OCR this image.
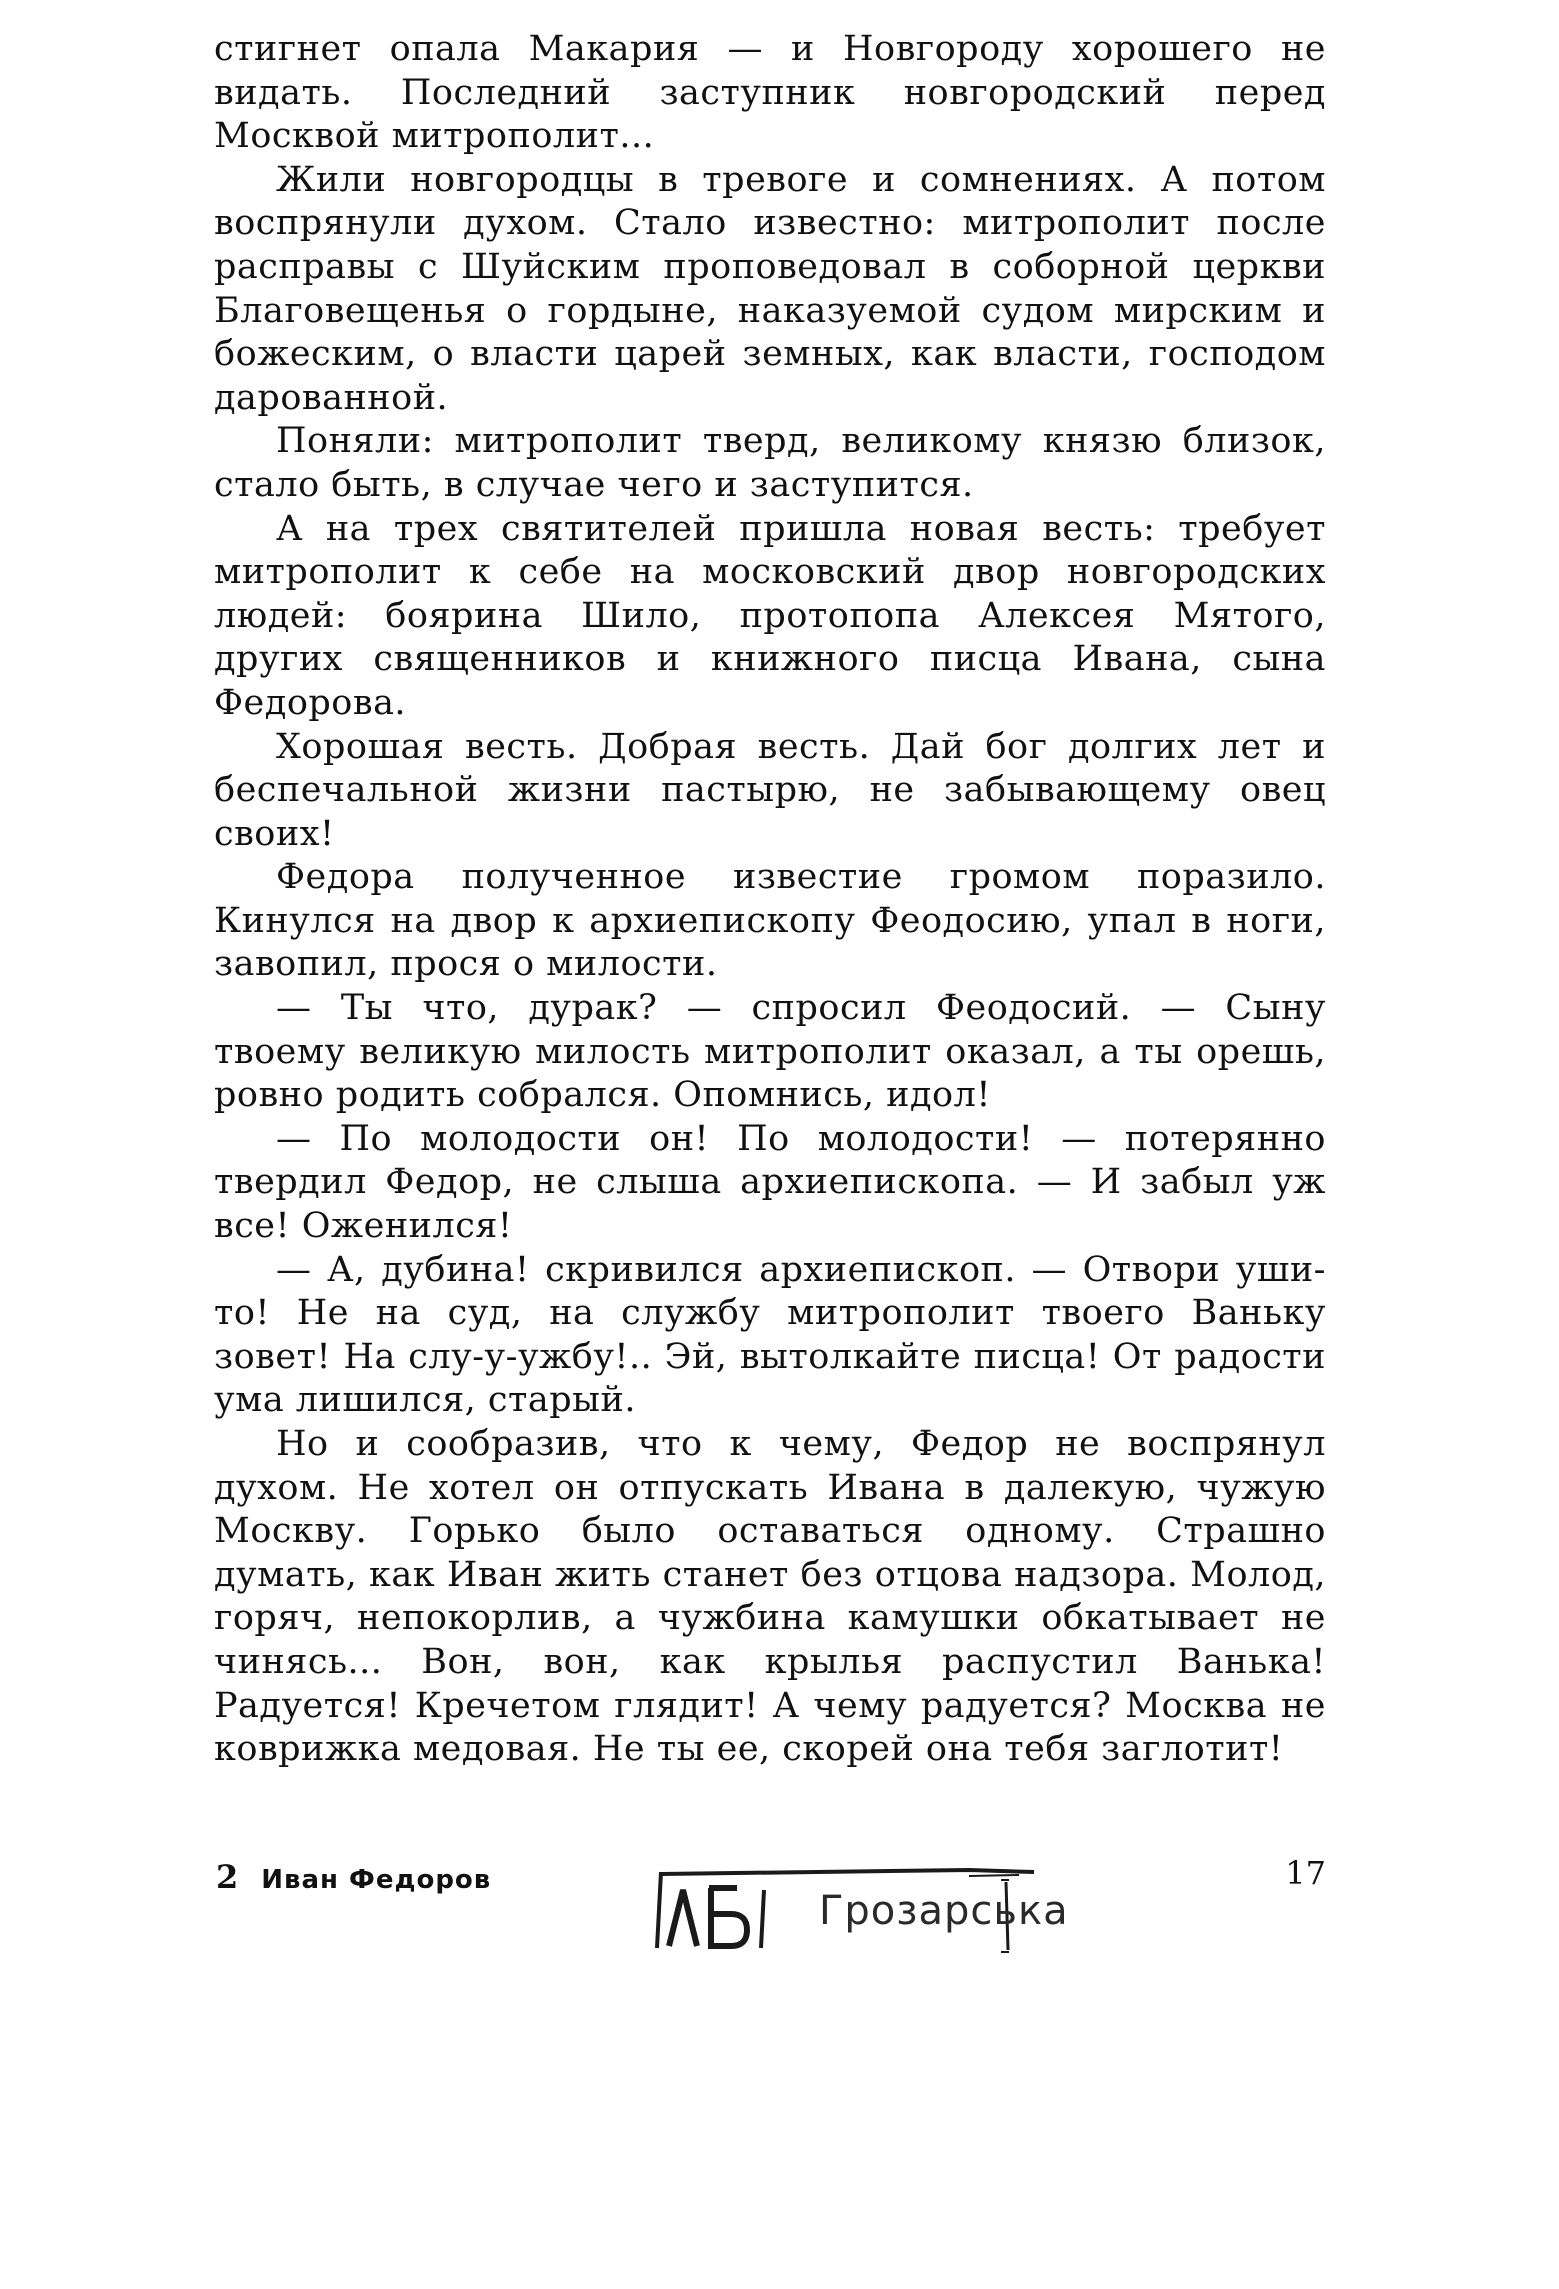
стигнет опала Макария — и Новгороду хорошего не видать. Последний заступник новгородский перед Москвой митрополит...

Жили новгородцы в тревоге и сомнениях. А потом воспрянули духом. Стало известно: митрополит после расправы с Шуйским проповедовал в соборной церкви Благовещенья о гордыне, наказуемой судом мирским и божеским, о власти царей земных, как власти, господом дарованной.

Поняли: митрополит тверд, великому князю близок, стало быть, в случае чего и заступится.

А на трех святителей пришла новая весть: требует митрополит к себе на московский двор новгородских людей: боярина Шило, протопопа Алексея Мятого, других священников и книжного писца Ивана, сына Федорова.

Хорошая весть. Добрая весть. Дай бог долгих лет и беспечальной жизни пастырю, не забывающему овец своих!

Федора полученное известие громом поразило. Кинулся на двор к архиепископу Феодосию, упал в ноги, завопил, прося о милости.

— Ты что, дурак? — спросил Феодосий. — Сыну твоему великую милость митрополит оказал, а ты орешь, ровно родить собрался. Опомнись, идол!

— По молодости он! По молодости! — потерянно твердил Федор, не слыша архиепископа. — И забыл уж все! Оженился!

— А, дубина! скривился архиепископ. — Отвори уши-то! Не на суд, на службу митрополит твоего Ваньку зовет! На слу-у-ужбу!.. Эй, вытолкайте писца! От радости ума лишился, старый.

Но и сообразив, что к чему, Федор не воспрянул духом. Не хотел он отпускать Ивана в далекую, чужую Москву. Горько было оставаться одному. Страшно думать, как Иван жить станет без отцова надзора. Молод, горяч, непокорлив, а чужбина камушки обкатывает не чинясь... Вон, вон, как крылья распустил Ванька! Радуется! Кречетом глядит! А чему радуется? Москва не коврижка медовая. Не ты ее, скорей она тебя заглотит!

2 Иван Федоров
Грозарська
17
